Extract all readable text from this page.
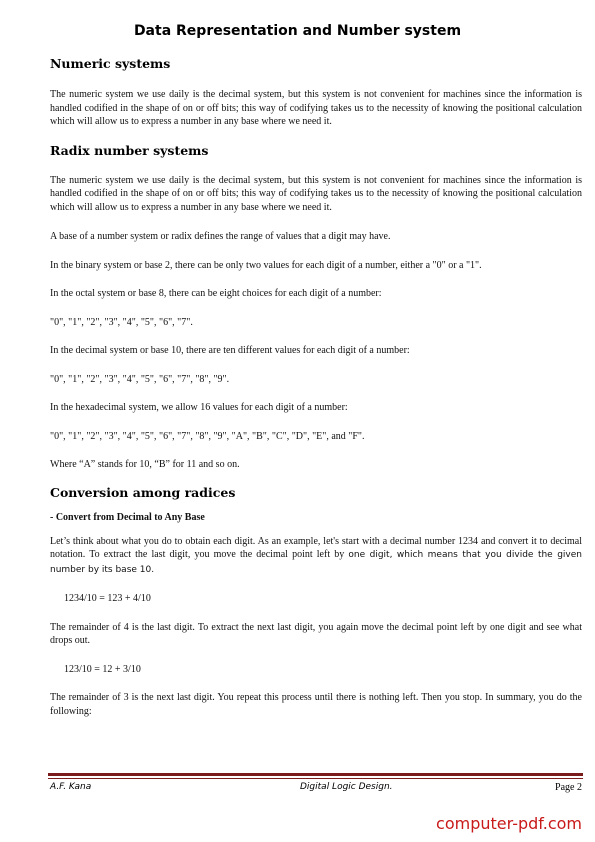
Data Representation and Number system
Numeric systems

The numeric system we use daily is the decimal system, but this system is not convenient for machines since the information is handled codified in the shape of on or off bits; this way of codifying takes us to the necessity of knowing the positional calculation which will allow us to express a number in any base where we need it.

Radix number systems

The numeric system we use daily is the decimal system, but this system is not convenient for machines since the information is handled codified in the shape of on or off bits; this way of codifying takes us to the necessity of knowing the positional calculation which will allow us to express a number in any base where we need it.

A base of a number system or radix defines the range of values that a digit may have.

In the binary system or base 2, there can be only two values for each digit of a number, either a "0" or a "1".

In the octal system or base 8, there can be eight choices for each digit of a number:

"0", "1", "2", "3", "4", "5", "6", "7".

In the decimal system or base 10, there are ten different values for each digit of a number:

"0", "1", "2", "3", "4", "5", "6", "7", "8", "9".

In the hexadecimal system, we allow 16 values for each digit of a number:

"0", "1", "2", "3", "4", "5", "6", "7", "8", "9", "A", "B", "C", "D", "E", and "F".

Where “A” stands for 10, “B” for 11 and so on.

Conversion among radices

- Convert from Decimal to Any Base

Let’s think about what you do to obtain each digit. As an example, let's start with a decimal number 1234 and convert it to decimal notation. To extract the last digit, you move the decimal point left by one digit, which means that you divide the given number by its base 10.

1234/10 = 123 + 4/10

The remainder of 4 is the last digit. To extract the next last digit, you again move the decimal point left by one digit and see what drops out.

123/10 = 12 + 3/10

The remainder of 3 is the next last digit. You repeat this process until there is nothing left. Then you stop. In summary, you do the following:

A.F. Kana	Digital Logic Design.	Page 2
computer-pdf.com
